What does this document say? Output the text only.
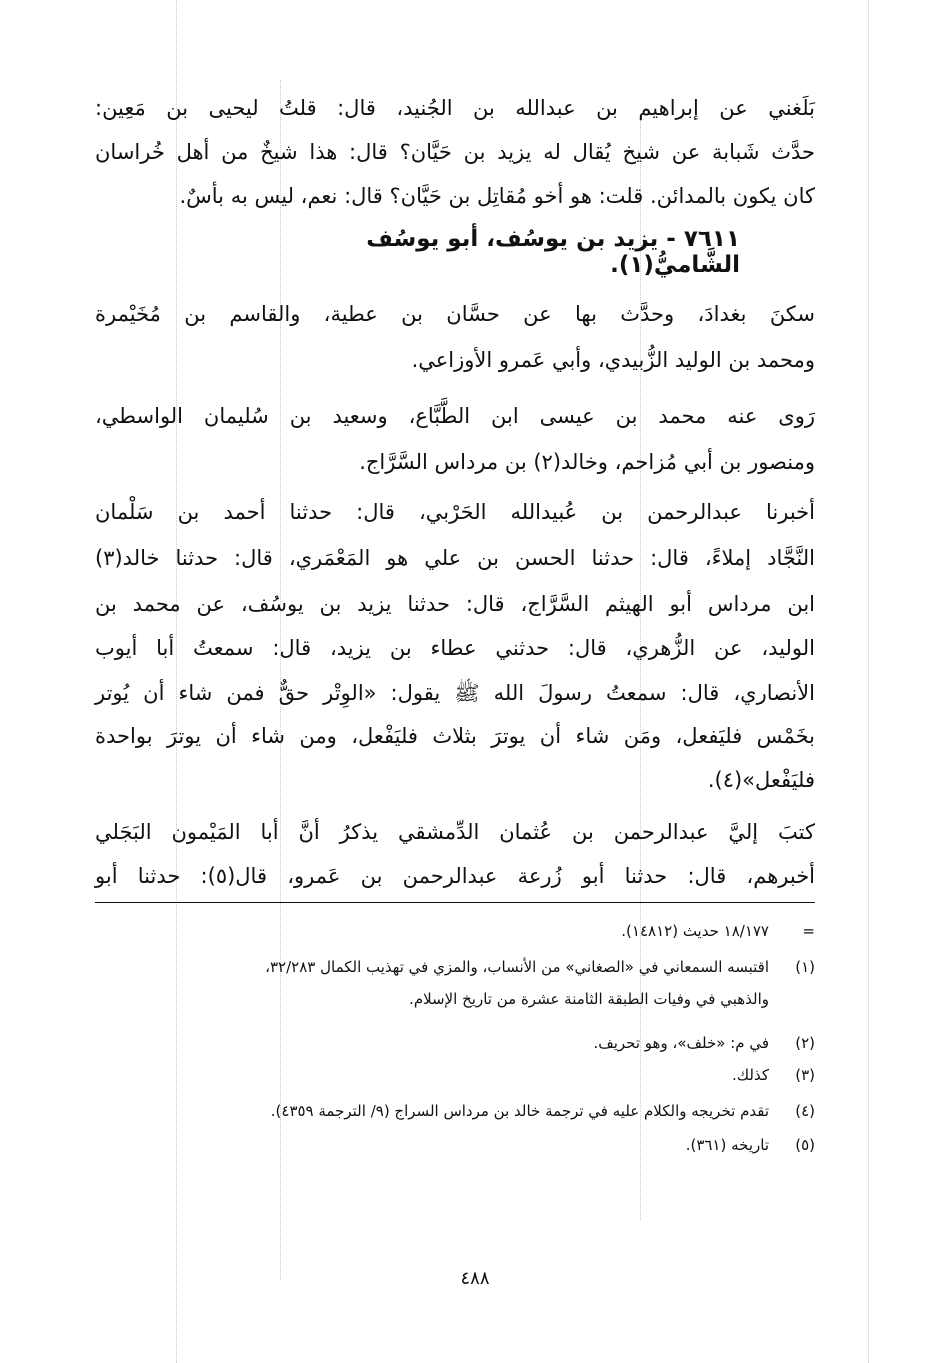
بَلَغني عن إبراهيم بن عبدالله بن الجُنيد، قال: قلتُ ليحيى بن مَعِين:
حدَّث شَبابة عن شيخ يُقال له يزيد بن حَيَّان؟ قال: هذا شيخٌ من أهل خُراسان
كان يكون بالمدائن. قلت: هو أخو مُقاتِل بن حَيَّان؟ قال: نعم، ليس به بأسٌ.
٧٦١١ - يزيد بن يوسُف، أبو يوسُف الشَّاميُّ(١).
سكنَ بغدادَ، وحدَّث بها عن حسَّان بن عطية، والقاسم بن مُخَيْمرة
ومحمد بن الوليد الزُّبيدي، وأبي عَمرو الأوزاعي.
رَوى عنه محمد بن عيسى ابن الطَّبَّاع، وسعيد بن سُليمان الواسطي،
ومنصور بن أبي مُزاحم، وخالد(٢) بن مرداس السَّرَّاج.
أخبرنا عبدالرحمن بن عُبيدالله الحَرْبي، قال: حدثنا أحمد بن سَلْمان
النَّجَّاد إملاءً، قال: حدثنا الحسن بن علي هو المَعْمَري، قال: حدثنا خالد(٣)
ابن مرداس أبو الهيثم السَّرَّاج، قال: حدثنا يزيد بن يوسُف، عن محمد بن
الوليد، عن الزُّهري، قال: حدثني عطاء بن يزيد، قال: سمعتُ أبا أيوب
الأنصاري، قال: سمعتُ رسولَ الله ﷺ يقول: «الوِتْر حقٌّ فمن شاء أن يُوتر
بخَمْس فليَفعل، ومَن شاء أن يوترَ بثلاث فليَفْعل، ومن شاء أن يوترَ بواحدة
فليَفْعل»(٤).
كتبَ إليَّ عبدالرحمن بن عُثمان الدِّمشقي يذكرُ أنَّ أبا المَيْمون البَجَلي
أخبرهم، قال: حدثنا أبو زُرعة عبدالرحمن بن عَمرو، قال(٥): حدثنا أبو
=١٨/١٧٧ حديث (١٤٨١٢).
(١)اقتبسه السمعاني في «الصغاني» من الأنساب، والمزي في تهذيب الكمال ٣٢/٢٨٣،
والذهبي في وفيات الطبقة الثامنة عشرة من تاريخ الإسلام.
(٢)في م: «خلف»، وهو تحريف.
(٣)كذلك.
(٤)تقدم تخريجه والكلام عليه في ترجمة خالد بن مرداس السراج (٩/ الترجمة ٤٣٥٩).
(٥)تاريخه (٣٦١).
٤٨٨
